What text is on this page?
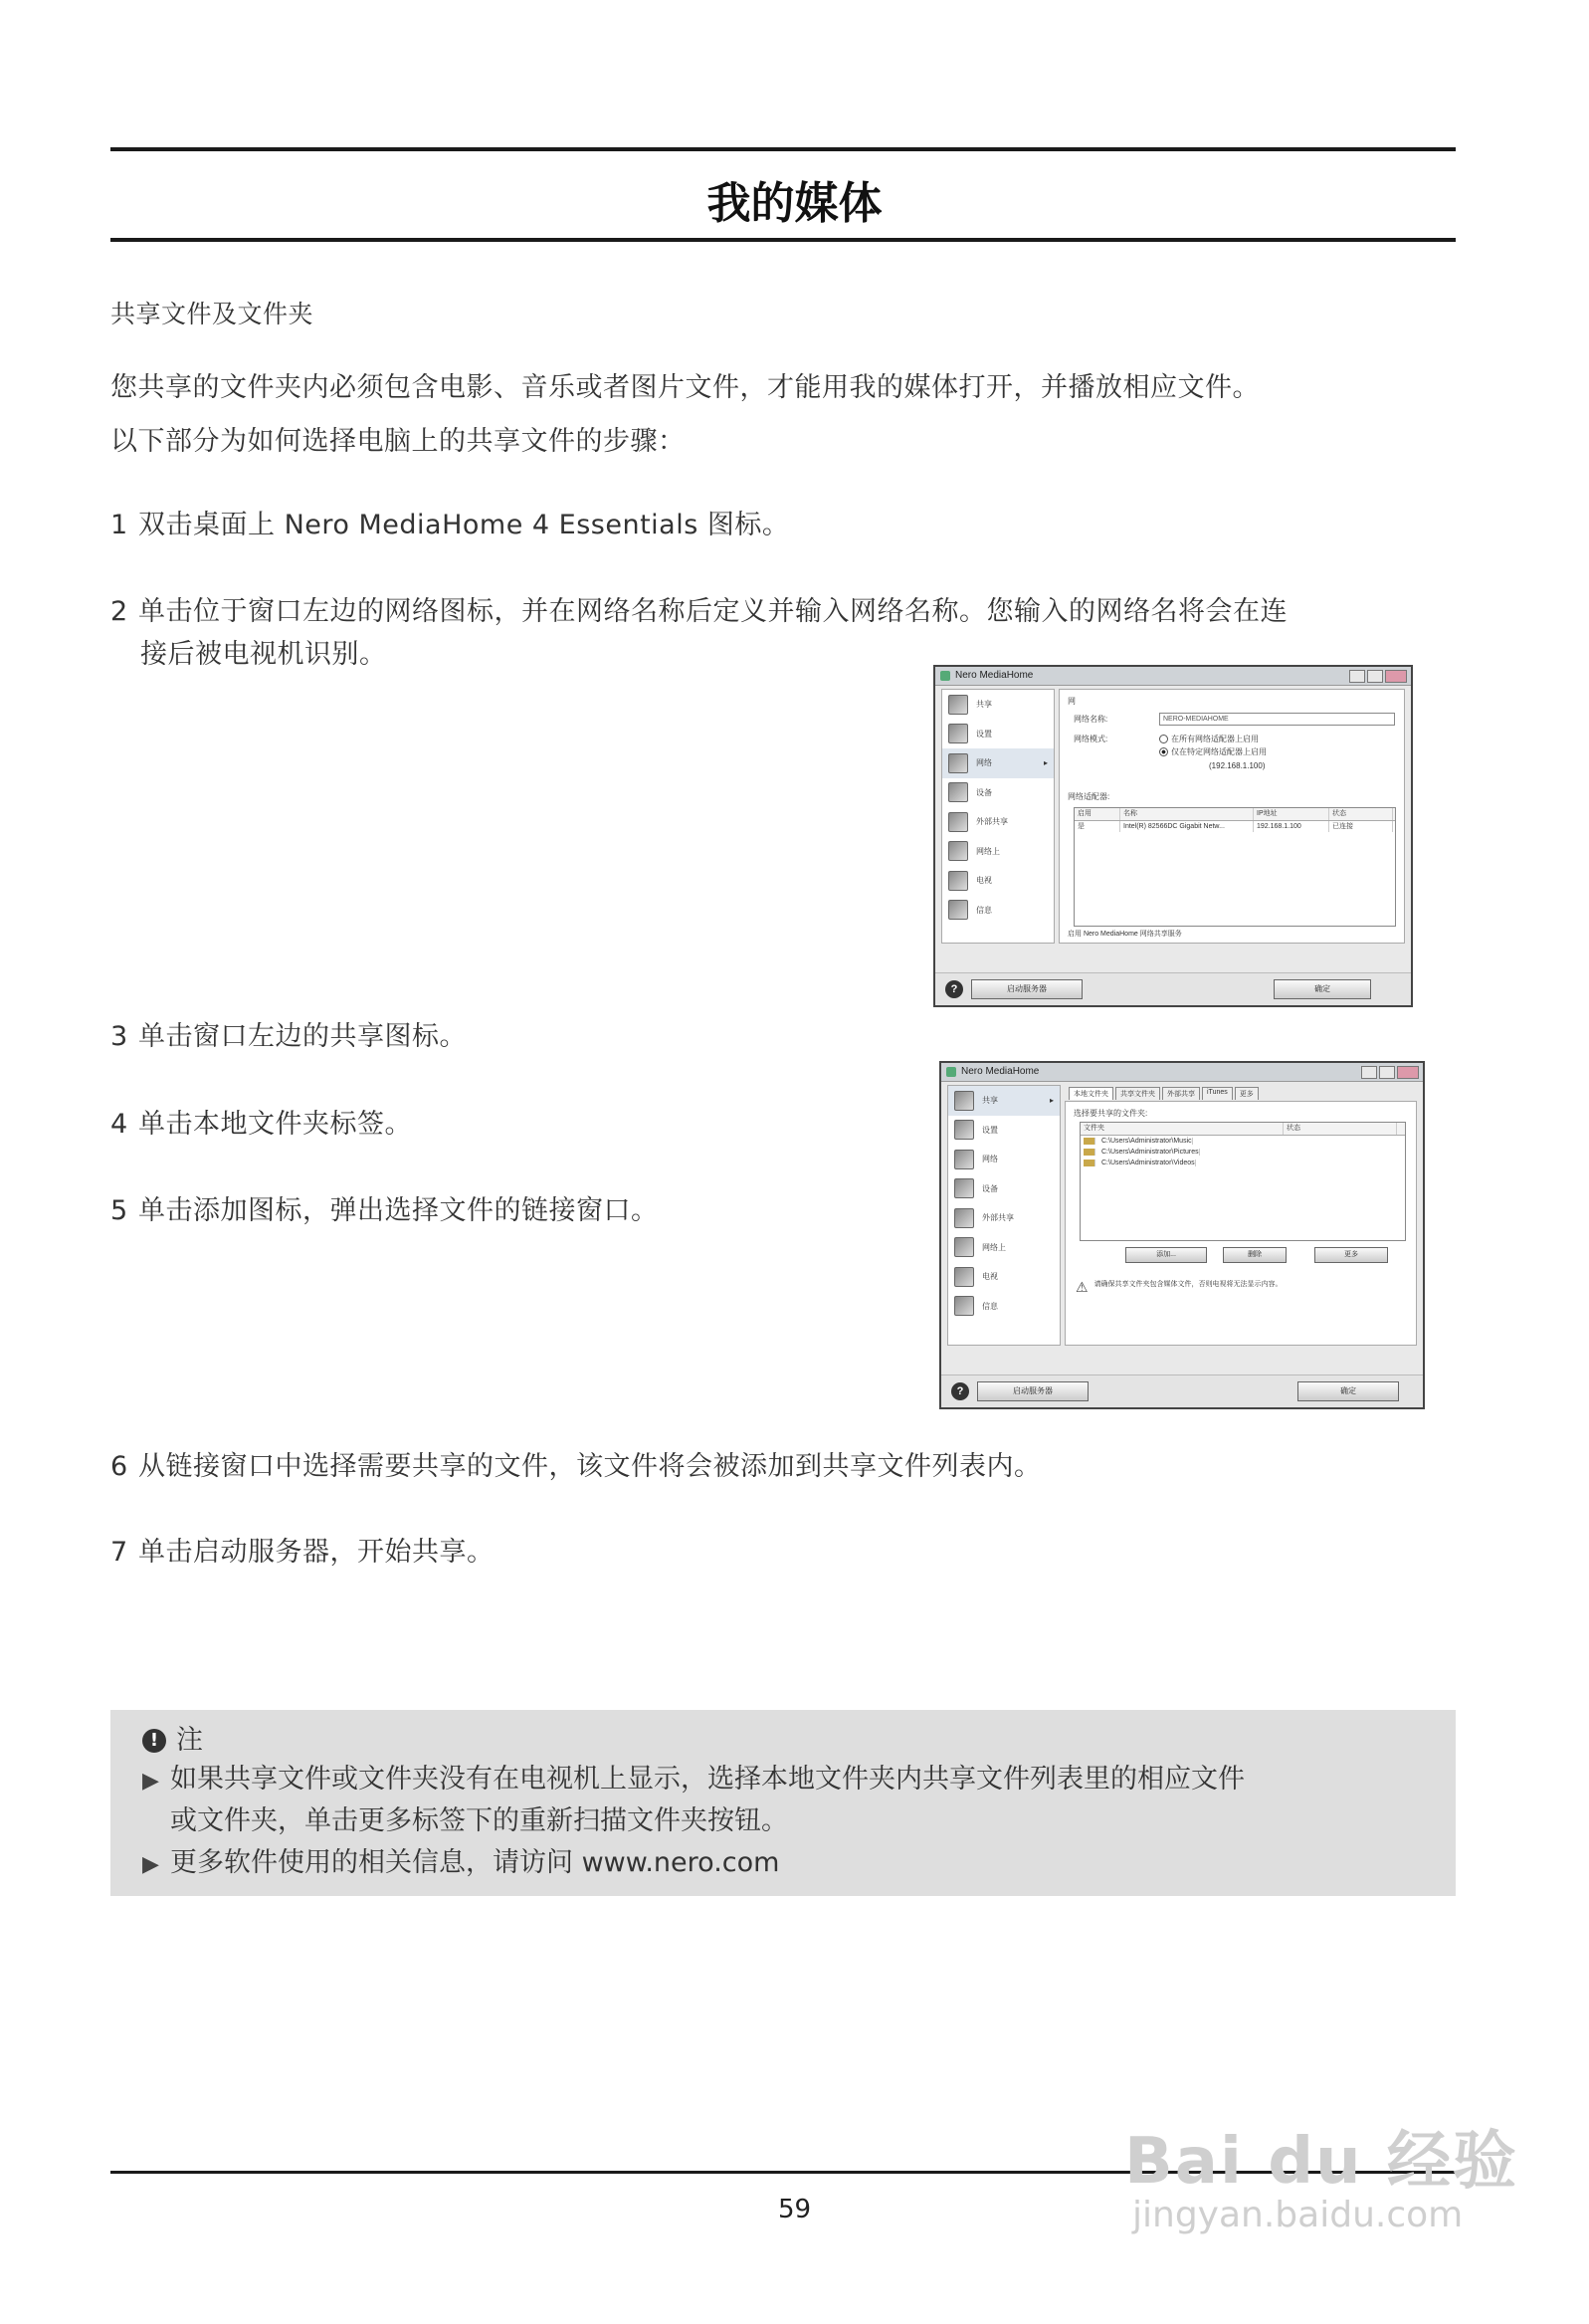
我的媒体
共享文件及文件夹
您共享的文件夹内必须包含电影、音乐或者图片文件，才能用我的媒体打开，并播放相应文件。
以下部分为如何选择电脑上的共享文件的步骤：
1 双击桌面上 Nero MediaHome 4 Essentials 图标。
2 单击位于窗口左边的网络图标，并在网络名称后定义并输入网络名称。您输入的网络名将会在连
接后被电视机识别。
3 单击窗口左边的共享图标。
4 单击本地文件夹标签。
5 单击添加图标，弹出选择文件的链接窗口。
6 从链接窗口中选择需要共享的文件，该文件将会被添加到共享文件列表内。
7 单击启动服务器，开始共享。
Nero MediaHome
共享
设置
网络	▸
设备
外部共享
网络上
电视
信息
网
网络名称:	NERO-MEDIAHOME
网络模式:	在所有网络适配器上启用
仅在特定网络适配器上启用
(192.168.1.100)
网络适配器:
启用	名称	IP地址	状态
是	Intel(R) 82566DC Gigabit Netw...	192.168.1.100	已连接
启用 Nero MediaHome 网络共享服务
?	启动服务器	确定
Nero MediaHome
共享	▸
设置
网络
设备
外部共享
网络上
电视
信息
本地文件夹	共享文件夹	外部共享	iTunes	更多
选择要共享的文件夹:
文件夹	状态
C:\Users\Administrator\Music
C:\Users\Administrator\Pictures
C:\Users\Administrator\Videos
添加...	删除	更多
⚠ 请确保共享文件夹包含媒体文件，否则电视将无法显示内容。
?	启动服务器	确定
! 注
▶ 如果共享文件或文件夹没有在电视机上显示，选择本地文件夹内共享文件列表里的相应文件
或文件夹，单击更多标签下的重新扫描文件夹按钮。
▶ 更多软件使用的相关信息，请访问 www.nero.com
59
Bai du 经验
jingyan.baidu.com
